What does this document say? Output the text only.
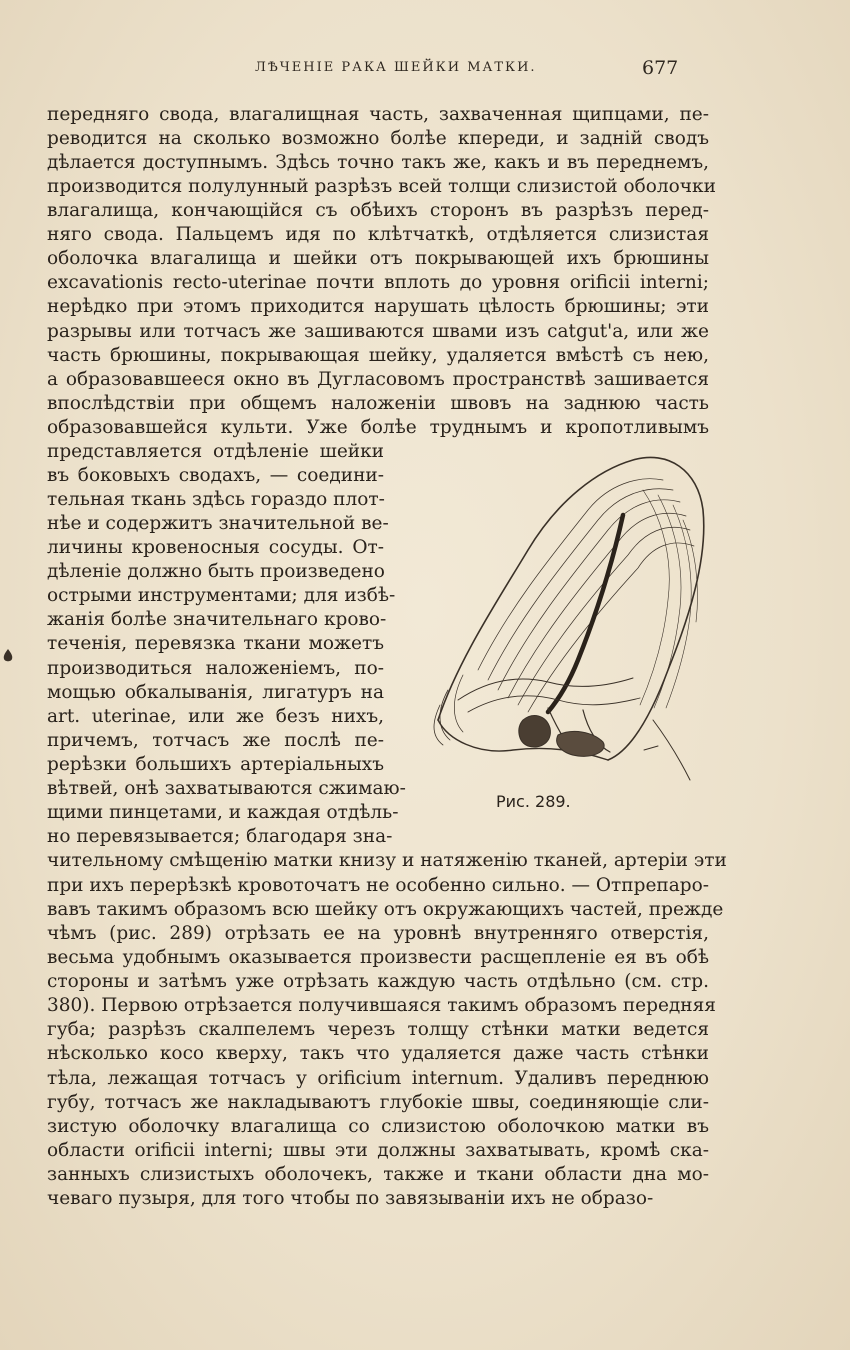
ЛѢЧЕНІЕ РАКА ШЕЙКИ МАТКИ.	677
передняго свода, влагалищная часть, захваченная щипцами, пе-
реводится на сколько возможно болѣе кпереди, и задній сводъ
дѣлается доступнымъ. Здѣсь точно такъ же, какъ и въ переднемъ,
производится полулунный разрѣзъ всей толщи слизистой оболочки
влагалища, кончающійся съ обѣихъ сторонъ въ разрѣзъ перед-
няго свода. Пальцемъ идя по клѣтчаткѣ, отдѣляется слизистая
оболочка влагалища и шейки отъ покрывающей ихъ брюшины
excavationis recto-uterinae почти вплоть до уровня orificii interni;
нерѣдко при этомъ приходится нарушать цѣлость брюшины; эти
разрывы или тотчасъ же зашиваются швами изъ catgut'а, или же
часть брюшины, покрывающая шейку, удаляется вмѣстѣ съ нею,
а образовавшееся окно въ Дугласовомъ пространствѣ зашивается
впослѣдствіи при общемъ наложеніи швовъ на заднюю часть
образовавшейся культи. Уже болѣе труднымъ и кропотливымъ
представляется отдѣленіе шейки
въ боковыхъ сводахъ, — соедини-
тельная ткань здѣсь гораздо плот-
нѣе и содержитъ значительной ве-
личины кровеносныя сосуды. От-
дѣленіе должно быть произведено
острыми инструментами; для избѣ-
жанія болѣе значительнаго крово-
теченія, перевязка ткани можетъ
производиться наложеніемъ, по-
мощью обкалыванія, лигатуръ на
art. uterinae, или же безъ нихъ,
причемъ, тотчасъ же послѣ пе-
рерѣзки большихъ артеріальныхъ
вѣтвей, онѣ захватываются сжимаю-
щими пинцетами, и каждая отдѣль-
но перевязывается; благодаря зна-
чительному смѣщенію матки книзу и натяженію тканей, артеріи эти
при ихъ перерѣзкѣ кровоточатъ не особенно сильно. — Отпрепаро-
вавъ такимъ образомъ всю шейку отъ окружающихъ частей, прежде
чѣмъ (рис. 289) отрѣзать ее на уровнѣ внутренняго отверстія,
весьма удобнымъ оказывается произвести расщепленіе ея въ обѣ
стороны и затѣмъ уже отрѣзать каждую часть отдѣльно (см. стр.
380). Первою отрѣзается получившаяся такимъ образомъ передняя
губа; разрѣзъ скалпелемъ черезъ толщу стѣнки матки ведется
нѣсколько косо кверху, такъ что удаляется даже часть стѣнки
тѣла, лежащая тотчасъ у orificium internum. Удаливъ переднюю
губу, тотчасъ же накладываютъ глубокіе швы, соединяющіе сли-
зистую оболочку влагалища со слизистою оболочкою матки въ
области orificii interni; швы эти должны захватывать, кромѣ ска-
занныхъ слизистыхъ оболочекъ, также и ткани области дна мо-
чеваго пузыря, для того чтобы по завязываніи ихъ не образо-
Рис. 289.
